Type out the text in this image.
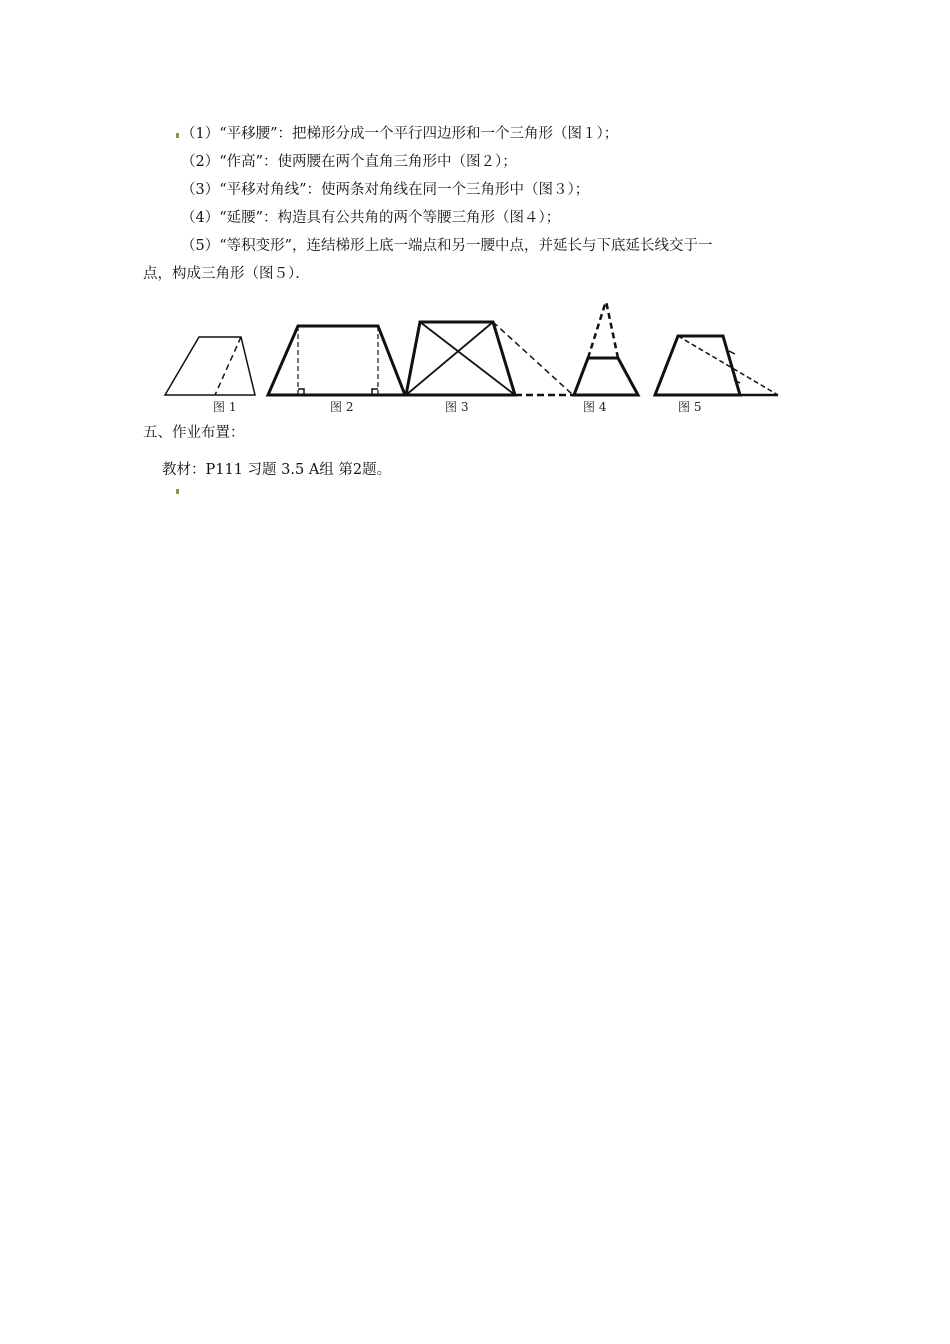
（1）“平移腰”：把梯形分成一个平行四边形和一个三角形（图１）；
（2）“作高”：使两腰在两个直角三角形中（图２）；
（3）“平移对角线”：使两条对角线在同一个三角形中（图３）；
（4）“延腰”：构造具有公共角的两个等腰三角形（图４）；
（5）“等积变形”，连结梯形上底一端点和另一腰中点，并延长与下底延长线交于一
点，构成三角形（图５）．
图 1	图 2	图 3	图 4	图 5
五、作业布置：
教材：P111 习题 3.5 A组 第2题。
